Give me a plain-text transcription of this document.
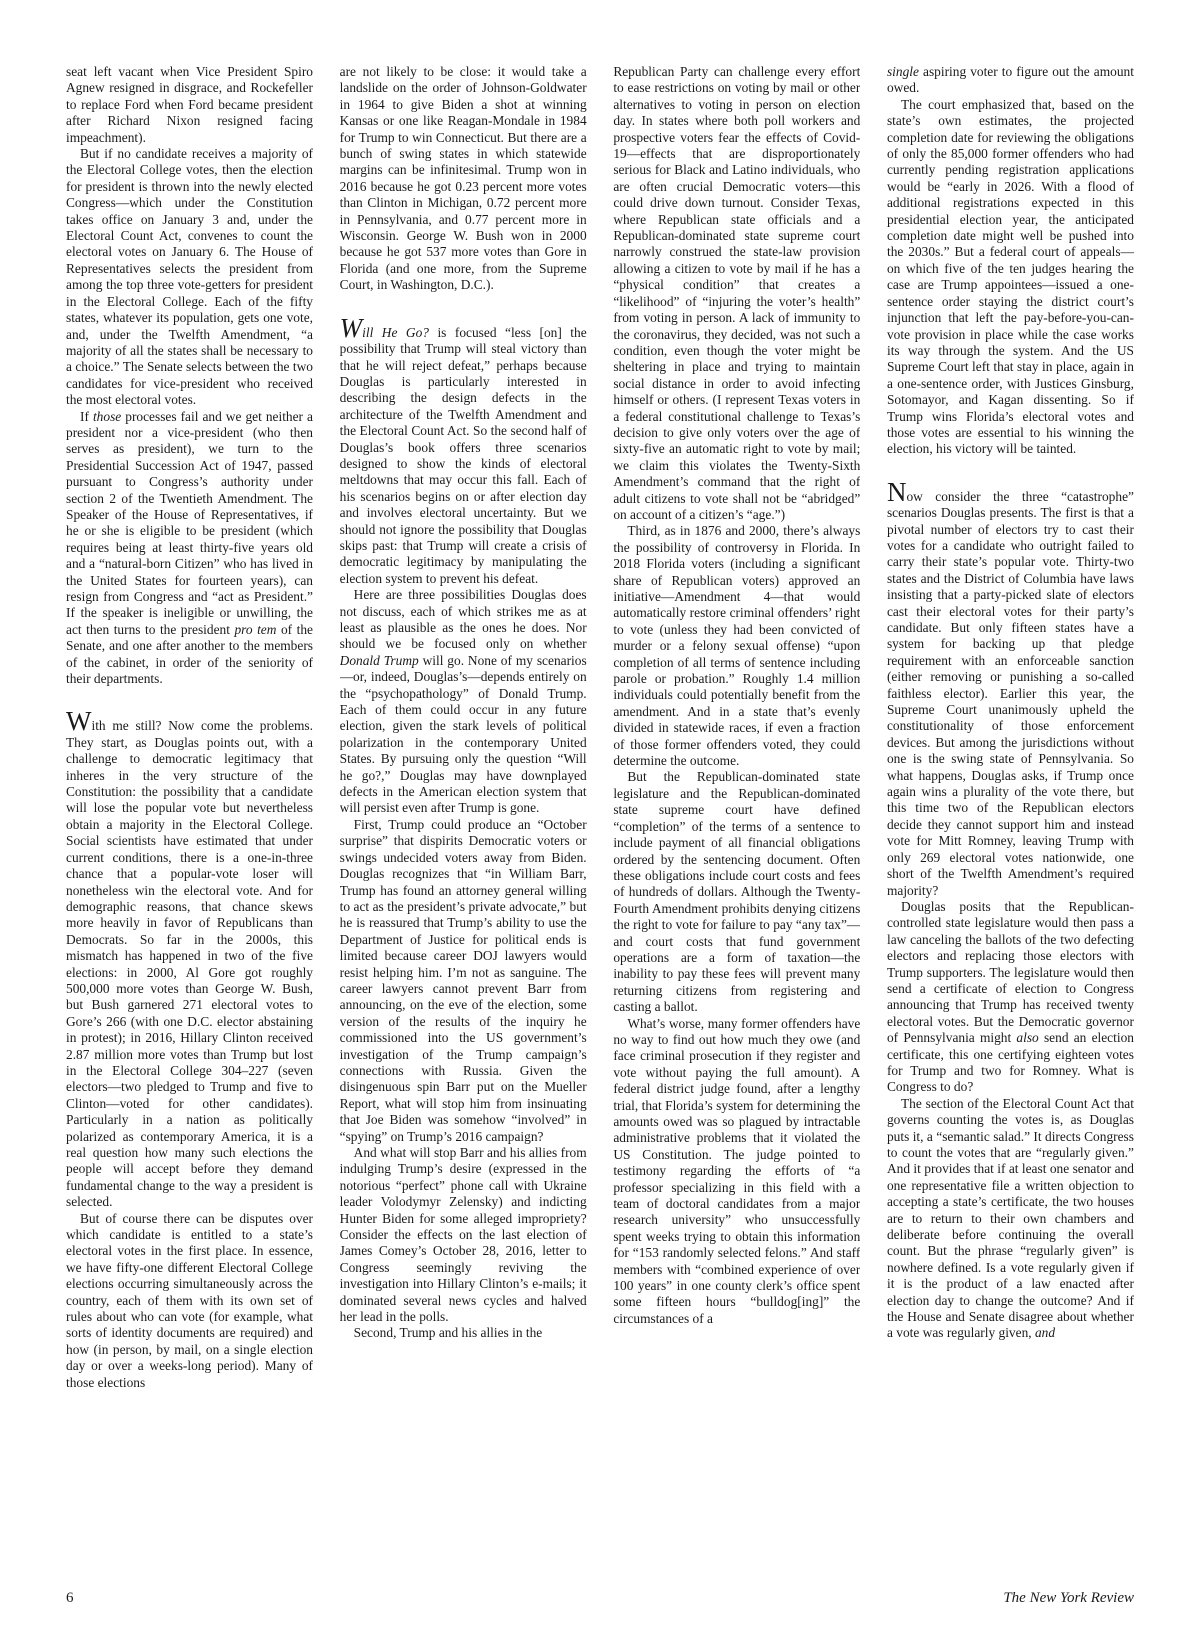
seat left vacant when Vice President Spiro Agnew resigned in disgrace, and Rockefeller to replace Ford when Ford became president after Richard Nixon resigned facing impeachment).

But if no candidate receives a majority of the Electoral College votes, then the election for president is thrown into the newly elected Congress—which under the Constitution takes office on January 3 and, under the Electoral Count Act, convenes to count the electoral votes on January 6. The House of Representatives selects the president from among the top three vote-getters for president in the Electoral College. Each of the fifty states, whatever its population, gets one vote, and, under the Twelfth Amendment, “a majority of all the states shall be necessary to a choice.” The Senate selects between the two candidates for vice-president who received the most electoral votes.

If those processes fail and we get neither a president nor a vice-president (who then serves as president), we turn to the Presidential Succession Act of 1947, passed pursuant to Congress’s authority under section 2 of the Twentieth Amendment. The Speaker of the House of Representatives, if he or she is eligible to be president (which requires being at least thirty-five years old and a “natural-born Citizen” who has lived in the United States for fourteen years), can resign from Congress and “act as President.” If the speaker is ineligible or unwilling, the act then turns to the president pro tem of the Senate, and one after another to the members of the cabinet, in order of the seniority of their departments.

With me still? Now come the problems. They start, as Douglas points out, with a challenge to democratic legitimacy that inheres in the very structure of the Constitution: the possibility that a candidate will lose the popular vote but nevertheless obtain a majority in the Electoral College. Social scientists have estimated that under current conditions, there is a one-in-three chance that a popular-vote loser will nonetheless win the electoral vote. And for demographic reasons, that chance skews more heavily in favor of Republicans than Democrats. So far in the 2000s, this mismatch has happened in two of the five elections: in 2000, Al Gore got roughly 500,000 more votes than George W. Bush, but Bush garnered 271 electoral votes to Gore’s 266 (with one D.C. elector abstaining in protest); in 2016, Hillary Clinton received 2.87 million more votes than Trump but lost in the Electoral College 304–227 (seven electors—two pledged to Trump and five to Clinton—voted for other candidates). Particularly in a nation as politically polarized as contemporary America, it is a real question how many such elections the people will accept before they demand fundamental change to the way a president is selected.

But of course there can be disputes over which candidate is entitled to a state’s electoral votes in the first place. In essence, we have fifty-one different Electoral College elections occurring simultaneously across the country, each of them with its own set of rules about who can vote (for example, what sorts of identity documents are required) and how (in person, by mail, on a single election day or over a weeks-long period). Many of those elections

are not likely to be close: it would take a landslide on the order of Johnson-Goldwater in 1964 to give Biden a shot at winning Kansas or one like Reagan-Mondale in 1984 for Trump to win Connecticut. But there are a bunch of swing states in which statewide margins can be infinitesimal. Trump won in 2016 because he got 0.23 percent more votes than Clinton in Michigan, 0.72 percent more in Pennsylvania, and 0.77 percent more in Wisconsin. George W. Bush won in 2000 because he got 537 more votes than Gore in Florida (and one more, from the Supreme Court, in Washington, D.C.).

Will He Go? is focused “less [on] the possibility that Trump will steal victory than that he will reject defeat,” perhaps because Douglas is particularly interested in describing the design defects in the architecture of the Twelfth Amendment and the Electoral Count Act. So the second half of Douglas’s book offers three scenarios designed to show the kinds of electoral meltdowns that may occur this fall. Each of his scenarios begins on or after election day and involves electoral uncertainty. But we should not ignore the possibility that Douglas skips past: that Trump will create a crisis of democratic legitimacy by manipulating the election system to prevent his defeat.

Here are three possibilities Douglas does not discuss, each of which strikes me as at least as plausible as the ones he does. Nor should we be focused only on whether Donald Trump will go. None of my scenarios—or, indeed, Douglas’s—depends entirely on the “psychopathology” of Donald Trump. Each of them could occur in any future election, given the stark levels of political polarization in the contemporary United States. By pursuing only the question “Will he go?,” Douglas may have downplayed defects in the American election system that will persist even after Trump is gone.

First, Trump could produce an “October surprise” that dispirits Democratic voters or swings undecided voters away from Biden. Douglas recognizes that “in William Barr, Trump has found an attorney general willing to act as the president’s private advocate,” but he is reassured that Trump’s ability to use the Department of Justice for political ends is limited because career DOJ lawyers would resist helping him. I’m not as sanguine. The career lawyers cannot prevent Barr from announcing, on the eve of the election, some version of the results of the inquiry he commissioned into the US government’s investigation of the Trump campaign’s connections with Russia. Given the disingenuous spin Barr put on the Mueller Report, what will stop him from insinuating that Joe Biden was somehow “involved” in “spying” on Trump’s 2016 campaign?

And what will stop Barr and his allies from indulging Trump’s desire (expressed in the notorious “perfect” phone call with Ukraine leader Volodymyr Zelensky) and indicting Hunter Biden for some alleged impropriety? Consider the effects on the last election of James Comey’s October 28, 2016, letter to Congress seemingly reviving the investigation into Hillary Clinton’s e-mails; it dominated several news cycles and halved her lead in the polls.

Second, Trump and his allies in the

Republican Party can challenge every effort to ease restrictions on voting by mail or other alternatives to voting in person on election day. In states where both poll workers and prospective voters fear the effects of Covid-19—effects that are disproportionately serious for Black and Latino individuals, who are often crucial Democratic voters—this could drive down turnout. Consider Texas, where Republican state officials and a Republican-dominated state supreme court narrowly construed the state-law provision allowing a citizen to vote by mail if he has a “physical condition” that creates a “likelihood” of “injuring the voter’s health” from voting in person. A lack of immunity to the coronavirus, they decided, was not such a condition, even though the voter might be sheltering in place and trying to maintain social distance in order to avoid infecting himself or others. (I represent Texas voters in a federal constitutional challenge to Texas’s decision to give only voters over the age of sixty-five an automatic right to vote by mail; we claim this violates the Twenty-Sixth Amendment’s command that the right of adult citizens to vote shall not be “abridged” on account of a citizen’s “age.”)

Third, as in 1876 and 2000, there’s always the possibility of controversy in Florida. In 2018 Florida voters (including a significant share of Republican voters) approved an initiative—Amendment 4—that would automatically restore criminal offenders’ right to vote (unless they had been convicted of murder or a felony sexual offense) “upon completion of all terms of sentence including parole or probation.” Roughly 1.4 million individuals could potentially benefit from the amendment. And in a state that’s evenly divided in statewide races, if even a fraction of those former offenders voted, they could determine the outcome.

But the Republican-dominated state legislature and the Republican-dominated state supreme court have defined “completion” of the terms of a sentence to include payment of all financial obligations ordered by the sentencing document. Often these obligations include court costs and fees of hundreds of dollars. Although the Twenty-Fourth Amendment prohibits denying citizens the right to vote for failure to pay “any tax”—and court costs that fund government operations are a form of taxation—the inability to pay these fees will prevent many returning citizens from registering and casting a ballot.

What’s worse, many former offenders have no way to find out how much they owe (and face criminal prosecution if they register and vote without paying the full amount). A federal district judge found, after a lengthy trial, that Florida’s system for determining the amounts owed was so plagued by intractable administrative problems that it violated the US Constitution. The judge pointed to testimony regarding the efforts of “a professor specializing in this field with a team of doctoral candidates from a major research university” who unsuccessfully spent weeks trying to obtain this information for “153 randomly selected felons.” And staff members with “combined experience of over 100 years” in one county clerk’s office spent some fifteen hours “bulldog[ing]” the circumstances of a

single aspiring voter to figure out the amount owed.

The court emphasized that, based on the state’s own estimates, the projected completion date for reviewing the obligations of only the 85,000 former offenders who had currently pending registration applications would be “early in 2026. With a flood of additional registrations expected in this presidential election year, the anticipated completion date might well be pushed into the 2030s.” But a federal court of appeals—on which five of the ten judges hearing the case are Trump appointees—issued a one-sentence order staying the district court’s injunction that left the pay-before-you-can-vote provision in place while the case works its way through the system. And the US Supreme Court left that stay in place, again in a one-sentence order, with Justices Ginsburg, Sotomayor, and Kagan dissenting. So if Trump wins Florida’s electoral votes and those votes are essential to his winning the election, his victory will be tainted.

Now consider the three “catastrophe” scenarios Douglas presents. The first is that a pivotal number of electors try to cast their votes for a candidate who outright failed to carry their state’s popular vote. Thirty-two states and the District of Columbia have laws insisting that a party-picked slate of electors cast their electoral votes for their party’s candidate. But only fifteen states have a system for backing up that pledge requirement with an enforceable sanction (either removing or punishing a so-called faithless elector). Earlier this year, the Supreme Court unanimously upheld the constitutionality of those enforcement devices. But among the jurisdictions without one is the swing state of Pennsylvania. So what happens, Douglas asks, if Trump once again wins a plurality of the vote there, but this time two of the Republican electors decide they cannot support him and instead vote for Mitt Romney, leaving Trump with only 269 electoral votes nationwide, one short of the Twelfth Amendment’s required majority?

Douglas posits that the Republican-controlled state legislature would then pass a law canceling the ballots of the two defecting electors and replacing those electors with Trump supporters. The legislature would then send a certificate of election to Congress announcing that Trump has received twenty electoral votes. But the Democratic governor of Pennsylvania might also send an election certificate, this one certifying eighteen votes for Trump and two for Romney. What is Congress to do?

The section of the Electoral Count Act that governs counting the votes is, as Douglas puts it, a “semantic salad.” It directs Congress to count the votes that are “regularly given.” And it provides that if at least one senator and one representative file a written objection to accepting a state’s certificate, the two houses are to return to their own chambers and deliberate before continuing the overall count. But the phrase “regularly given” is nowhere defined. Is a vote regularly given if it is the product of a law enacted after election day to change the outcome? And if the House and Senate disagree about whether a vote was regularly given, and

6	The New York Review
